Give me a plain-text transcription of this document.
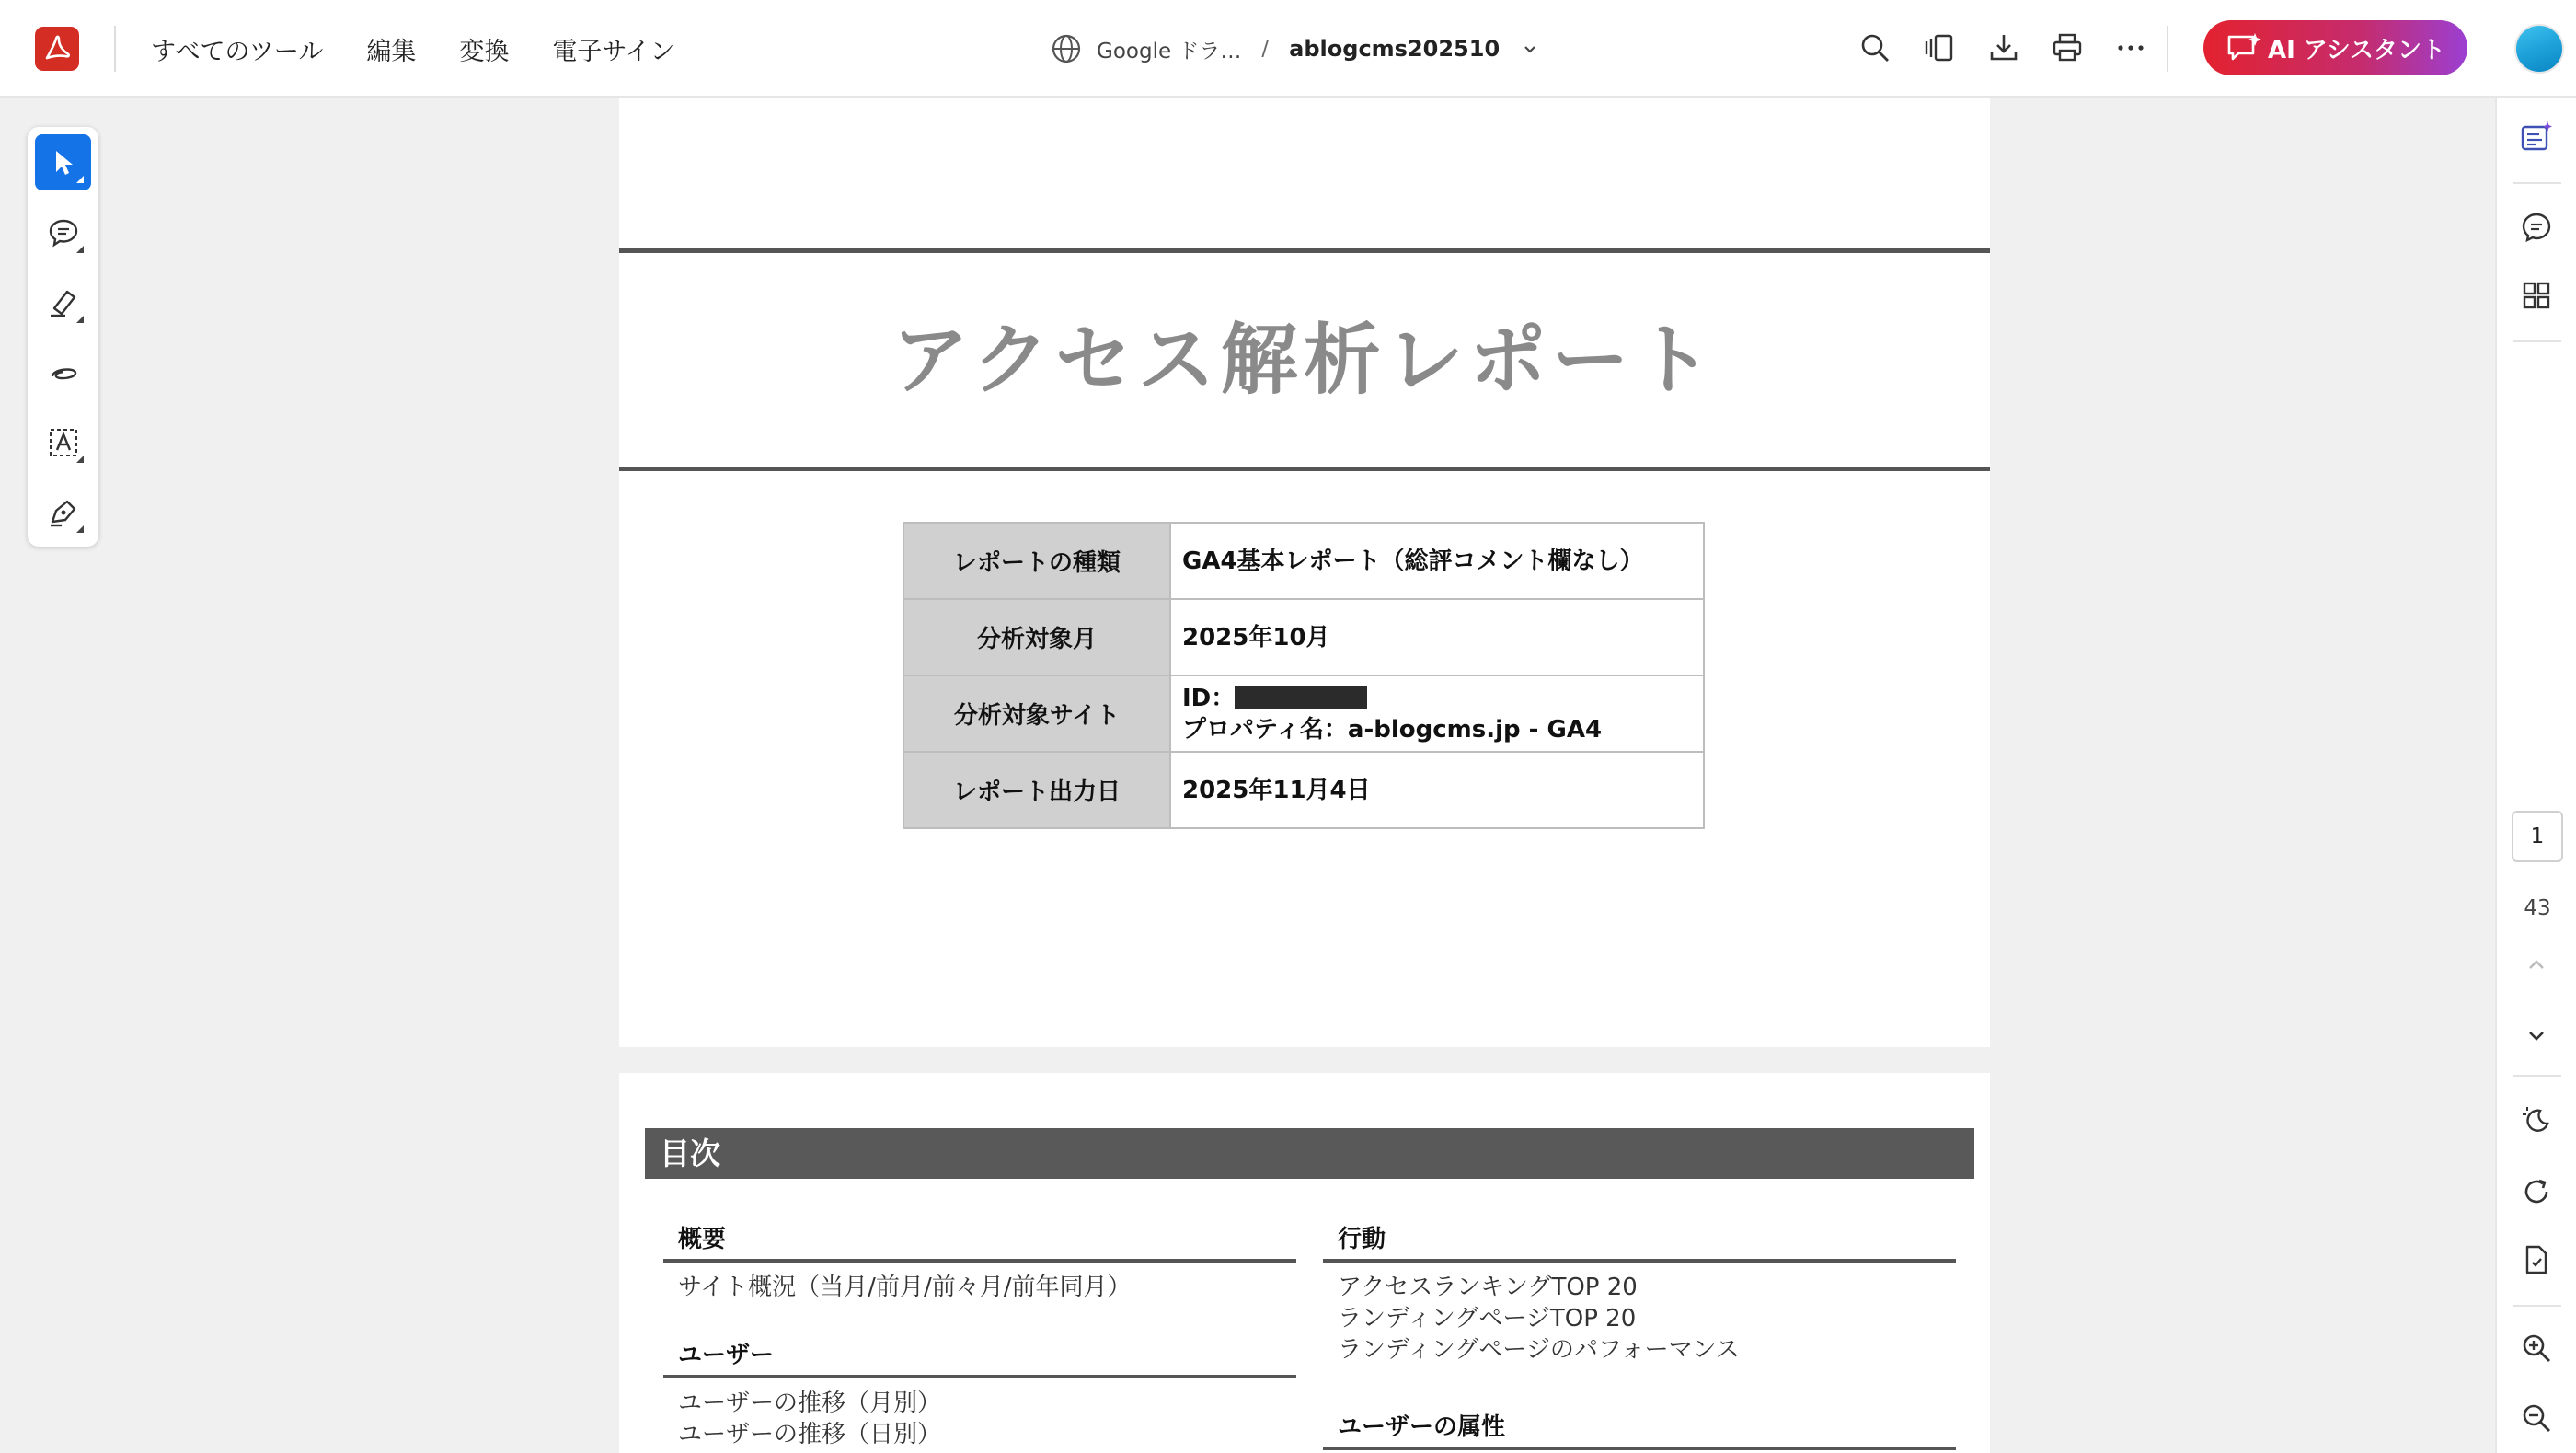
すべてのツール 編集 変換 電子サイン	Google ドラ… / ablogcms202510	AI アシスタント
アクセス解析レポート
レポートの種類	GA4基本レポート（総評コメント欄なし）
分析対象月	2025年10月
分析対象サイト	ID：
プロパティ名：a-blogcms.jp - GA4

レポート出力日	2025年11月4日
目次
概要
サイト概況（当月/前月/前々月/前年同月）
ユーザー
ユーザーの推移（月別）
ユーザーの推移（日別）
行動
アクセスランキングTOP 20
ランディングページTOP 20
ランディングページのパフォーマンス
ユーザーの属性
1
43
